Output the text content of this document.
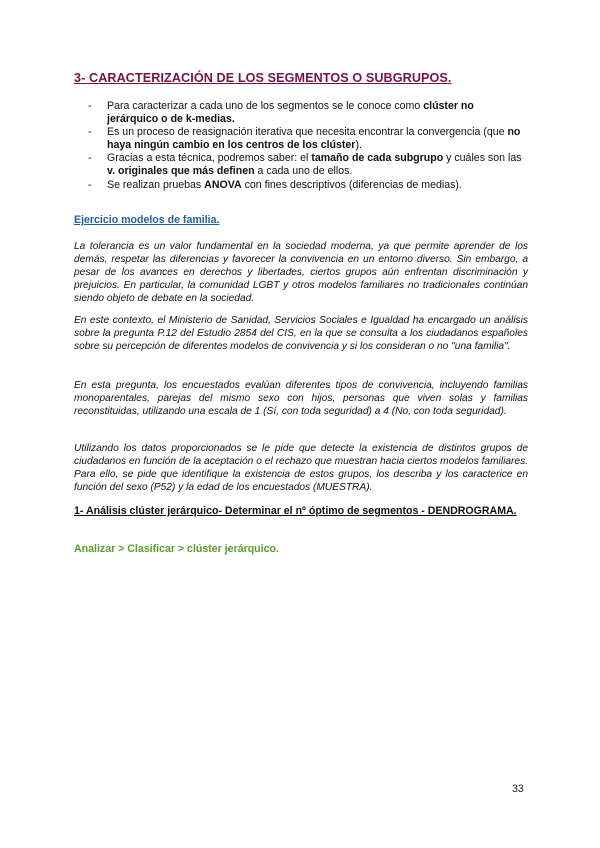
3- CARACTERIZACIÓN DE LOS SEGMENTOS O SUBGRUPOS.
- Para caracterizar a cada uno de los segmentos se le conoce como clúster no jerárquico o de k-medias.
- Es un proceso de reasignación iterativa que necesita encontrar la convergencia (que no haya ningún cambio en los centros de los clúster).
- Gracias a esta técnica, podremos saber: el tamaño de cada subgrupo y cuáles son las v. originales que más definen a cada uno de ellos.
- Se realizan pruebas ANOVA con fines descriptivos (diferencias de medias).
Ejercicio modelos de familia.

La tolerancia es un valor fundamental en la sociedad moderna, ya que permite aprender de los demás, respetar las diferencias y favorecer la convivencia en un entorno diverso. Sin embargo, a pesar de los avances en derechos y libertades, ciertos grupos aún enfrentan discriminación y prejuicios. En particular, la comunidad LGBT y otros modelos familiares no tradicionales continúan siendo objeto de debate en la sociedad.

En este contexto, el Ministerio de Sanidad, Servicios Sociales e Igualdad ha encargado un análisis sobre la pregunta P.12 del Estudio 2854 del CIS, en la que se consulta a los ciudadanos españoles sobre su percepción de diferentes modelos de convivencia y si los consideran o no "una familia".

En esta pregunta, los encuestados evalúan diferentes tipos de convivencia, incluyendo familias monoparentales, parejas del mismo sexo con hijos, personas que viven solas y familias reconstituidas, utilizando una escala de 1 (Sí, con toda seguridad) a 4 (No, con toda seguridad).

Utilizando los datos proporcionados se le pide que detecte la existencia de distintos grupos de ciudadanos en función de la aceptación o el rechazo que muestran hacia ciertos modelos familiares. Para ello, se pide que identifique la existencia de estos grupos, los describa y los caracterice en función del sexo (P52) y la edad de los encuestados (MUESTRA).

1- Análisis clúster jerárquico- Determinar el nº óptimo de segmentos - DENDROGRAMA.

Analizar > Clasificar > clúster jerárquico.
33
